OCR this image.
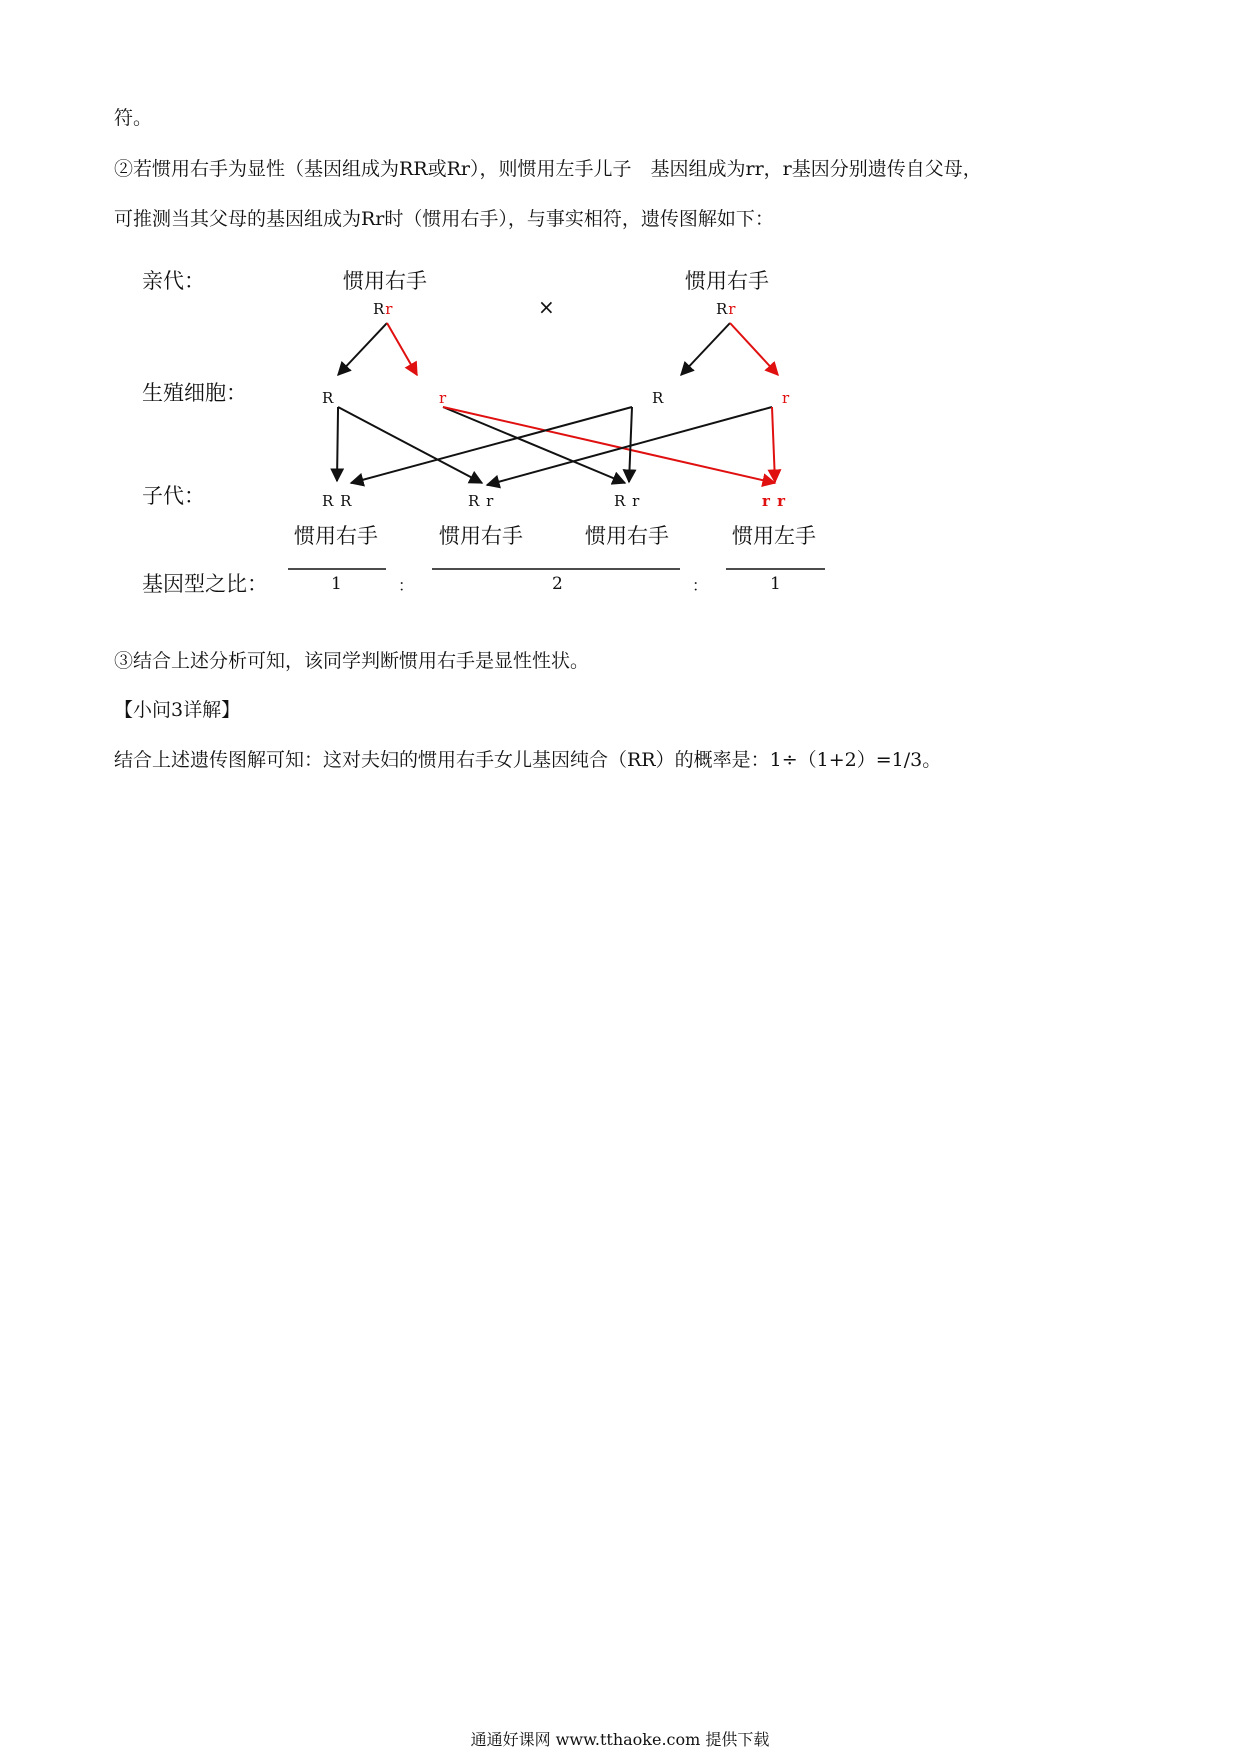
符。
②若惯用右手为显性（基因组成为RR或Rr），则惯用左手儿子　基因组成为rr，r基因分别遗传自父母，
可推测当其父母的基因组成为Rr时（惯用右手），与事实相符，遗传图解如下：
亲代：
生殖细胞：
子代：
基因型之比：
惯用右手
Rr	×
惯用右手
Rr
R	r	R	r
R R	R r	R r	r r
惯用右手	惯用右手	惯用右手	惯用左手
1	：	2	：	1
③结合上述分析可知，该同学判断惯用右手是显性性状。
【小问3详解】
结合上述遗传图解可知：这对夫妇的惯用右手女儿基因纯合（RR）的概率是：1÷（1+2）=1/3。
通通好课网 www.tthaoke.com 提供下载
